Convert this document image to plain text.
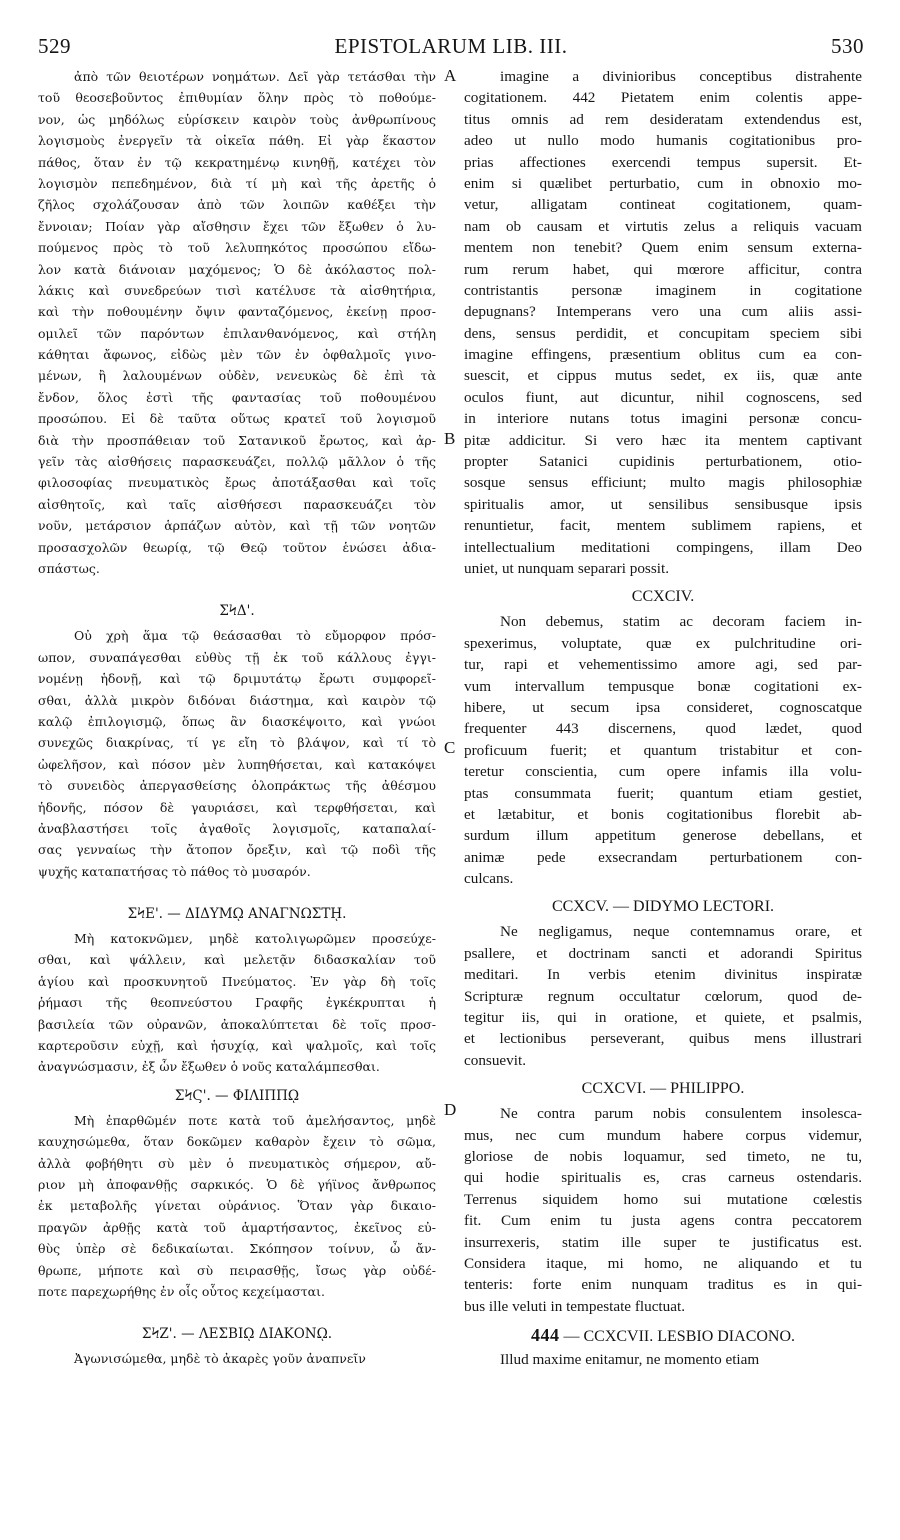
529	EPISTOLARUM LIB. III.	530
ἀπὸ τῶν θειοτέρων νοημάτων. Δεῖ γὰρ τετάσθαι τὴν
τοῦ θεοσεβοῦντος ἐπιθυμίαν ὅλην πρὸς τὸ ποθούμε-
νον, ὡς μηδόλως εὑρίσκειν καιρὸν τοὺς ἀνθρωπίνους
λογισμοὺς ἐνεργεῖν τὰ οἰκεῖα πάθη. Εἰ γὰρ ἕκαστον
πάθος, ὅταν ἐν τῷ κεκρατημένῳ κινηθῇ, κατέχει τὸν
λογισμὸν πεπεδημένον, διὰ τί μὴ καὶ τῆς ἀρετῆς ὁ
ζῆλος σχολάζουσαν ἀπὸ τῶν λοιπῶν καθέξει τὴν
ἔννοιαν; Ποίαν γὰρ αἴσθησιν ἔχει τῶν ἔξωθεν ὁ λυ-
πούμενος πρὸς τὸ τοῦ λελυπηκότος προσώπου εἴδω-
λον κατὰ διάνοιαν μαχόμενος; Ὁ δὲ ἀκόλαστος πολ-
λάκις καὶ συνεδρεύων τισὶ κατέλυσε τὰ αἰσθητήρια,
καὶ τὴν ποθουμένην ὄψιν φανταζόμενος, ἐκείνῃ προσ-
ομιλεῖ τῶν παρόντων ἐπιλανθανόμενος, καὶ στήλη
κάθηται ἄφωνος, εἰδὼς μὲν τῶν ἐν ὀφθαλμοῖς γινο-
μένων, ἢ λαλουμένων οὐδὲν, νενευκὼς δὲ ἐπὶ τὰ
ἔνδον, ὅλος ἐστὶ τῆς φαντασίας τοῦ ποθουμένου
προσώπου. Εἰ δὲ ταῦτα οὕτως κρατεῖ τοῦ λογισμοῦ
διὰ τὴν προσπάθειαν τοῦ Σατανικοῦ ἔρωτος, καὶ ἀρ-
γεῖν τὰς αἰσθήσεις παρασκευάζει, πολλῷ μᾶλλον ὁ τῆς
φιλοσοφίας πνευματικὸς ἔρως ἀποτάξασθαι καὶ τοῖς
αἰσθητοῖς, καὶ ταῖς αἰσθήσεσι παρασκευάζει τὸν
νοῦν, μετάρσιον ἁρπάζων αὐτὸν, καὶ τῇ τῶν νοητῶν
προσασχολῶν θεωρίᾳ, τῷ Θεῷ τοῦτον ἑνώσει ἀδια-
σπάστως.
ΣϞΔ'.
Οὐ χρὴ ἅμα τῷ θεάσασθαι τὸ εὔμορφον πρόσ-
ωπον, συναπάγεσθαι εὐθὺς τῇ ἐκ τοῦ κάλλους ἐγγι-
νομένῃ ἡδονῇ, καὶ τῷ δριμυτάτῳ ἔρωτι συμφορεῖ-
σθαι, ἀλλὰ μικρὸν διδόναι διάστημα, καὶ καιρὸν τῷ
καλῷ ἐπιλογισμῷ, ὅπως ἂν διασκέψοιτο, καὶ γνώοι
συνεχῶς διακρίνας, τί γε εἴη τὸ βλάψον, καὶ τί τὸ
ὠφελῆσον, καὶ πόσον μὲν λυπηθήσεται, καὶ κατακόψει
τὸ συνειδὸς ἀπεργασθείσης ὁλοπράκτως τῆς ἀθέσμου
ἡδονῆς, πόσον δὲ γαυριάσει, καὶ τερφθήσεται, καὶ
ἀναβλαστήσει τοῖς ἀγαθοῖς λογισμοῖς, καταπαλαί-
σας γενναίως τὴν ἄτοπον ὄρεξιν, καὶ τῷ ποδὶ τῆς
ψυχῆς καταπατήσας τὸ πάθος τὸ μυσαρόν.
ΣϞΕ'. — ΔΙΔΥΜῼ ΑΝΑΓΝΩΣΤῌ.
Μὴ κατοκνῶμεν, μηδὲ κατολιγωρῶμεν προσεύχε-
σθαι, καὶ ψάλλειν, καὶ μελετᾷν διδασκαλίαν τοῦ
ἁγίου καὶ προσκυνητοῦ Πνεύματος. Ἐν γὰρ δὴ τοῖς
ῥήμασι τῆς θεοπνεύστου Γραφῆς ἐγκέκρυπται ἡ
βασιλεία τῶν οὐρανῶν, ἀποκαλύπτεται δὲ τοῖς προσ-
καρτεροῦσιν εὐχῇ, καὶ ἡσυχίᾳ, καὶ ψαλμοῖς, καὶ τοῖς
ἀναγνώσμασιν, ἐξ ὧν ἔξωθεν ὁ νοῦς καταλάμπεσθαι.
ΣϞϚ'. — ΦΙΛΙΠΠῼ
Μὴ ἐπαρθῶμέν ποτε κατὰ τοῦ ἀμελήσαντος, μηδὲ
καυχησώμεθα, ὅταν δοκῶμεν καθαρὸν ἔχειν τὸ σῶμα,
ἀλλὰ φοβήθητι σὺ μὲν ὁ πνευματικὸς σήμερον, αὔ-
ριον μὴ ἀποφανθῇς σαρκικός. Ὁ δὲ γήϊνος ἄνθρωπος
ἐκ μεταβολῆς γίνεται οὐράνιος. Ὅταν γὰρ δικαιο-
πραγῶν ἀρθῇς κατὰ τοῦ ἁμαρτήσαντος, ἐκεῖνος εὐ-
θὺς ὑπὲρ σὲ δεδικαίωται. Σκόπησον τοίνυν, ὦ ἄν-
θρωπε, μήποτε καὶ σὺ πειρασθῇς, ἴσως γὰρ οὐδέ-
ποτε παρεχωρήθης ἐν οἷς οὗτος κεχείμασται.
ΣϞΖ'. — ΛΕΣΒΙῼ ΔΙΑΚΟΝῼ.
Ἀγωνισώμεθα, μηδὲ τὸ ἀκαρὲς γοῦν ἀναπνεῖν
A
B
C
D
imagine a divinioribus conceptibus distrahente
cogitationem. 442 Pietatem enim colentis appe-
titus omnis ad rem desideratam extendendus est,
adeo ut nullo modo humanis cogitationibus pro-
prias affectiones exercendi tempus supersit. Et-
enim si quælibet perturbatio, cum in obnoxio mo-
vetur, alligatam contineat cogitationem, quam-
nam ob causam et virtutis zelus a reliquis vacuam
mentem non tenebit? Quem enim sensum externa-
rum rerum habet, qui mœrore afficitur, contra
contristantis personæ imaginem in cogitatione
depugnans? Intemperans vero una cum aliis assi-
dens, sensus perdidit, et concupitam speciem sibi
imagine effingens, præsentium oblitus cum ea con-
suescit, et cippus mutus sedet, ex iis, quæ ante
oculos fiunt, aut dicuntur, nihil cognoscens, sed
in interiore nutans totus imagini personæ concu-
pitæ addicitur. Si vero hæc ita mentem captivant
propter Satanici cupidinis perturbationem, otio-
sosque sensus efficiunt; multo magis philosophiæ
spiritualis amor, ut sensilibus sensibusque ipsis
renuntietur, facit, mentem sublimem rapiens, et
intellectualium meditationi compingens, illam Deo
uniet, ut nunquam separari possit.
CCXCIV.
Non debemus, statim ac decoram faciem in-
spexerimus, voluptate, quæ ex pulchritudine ori-
tur, rapi et vehementissimo amore agi, sed par-
vum intervallum tempusque bonæ cogitationi ex-
hibere, ut secum ipsa consideret, cognoscatque
frequenter 443 discernens, quod lædet, quod
proficuum fuerit; et quantum tristabitur et con-
teretur conscientia, cum opere infamis illa volu-
ptas consummata fuerit; quantum etiam gestiet,
et lætabitur, et bonis cogitationibus florebit ab-
surdum illum appetitum generose debellans, et
animæ pede exsecrandam perturbationem con-
culcans.
CCXCV. — DIDYMO LECTORI.
Ne negligamus, neque contemnamus orare, et
psallere, et doctrinam sancti et adorandi Spiritus
meditari. In verbis etenim divinitus inspiratæ
Scripturæ regnum occultatur cœlorum, quod de-
tegitur iis, qui in oratione, et quiete, et psalmis,
et lectionibus perseverant, quibus mens illustrari
consuevit.
CCXCVI. — PHILIPPO.
Ne contra parum nobis consulentem insolesca-
mus, nec cum mundum habere corpus videmur,
gloriose de nobis loquamur, sed timeto, ne tu,
qui hodie spiritualis es, cras carneus ostendaris.
Terrenus siquidem homo sui mutatione cœlestis
fit. Cum enim tu justa agens contra peccatorem
insurrexeris, statim ille super te justificatus est.
Considera itaque, mi homo, ne aliquando et tu
tenteris: forte enim nunquam traditus es in qui-
bus ille veluti in tempestate fluctuat.
444 — CCXCVII. LESBIO DIACONO.
Illud maxime enitamur, ne momento etiam
